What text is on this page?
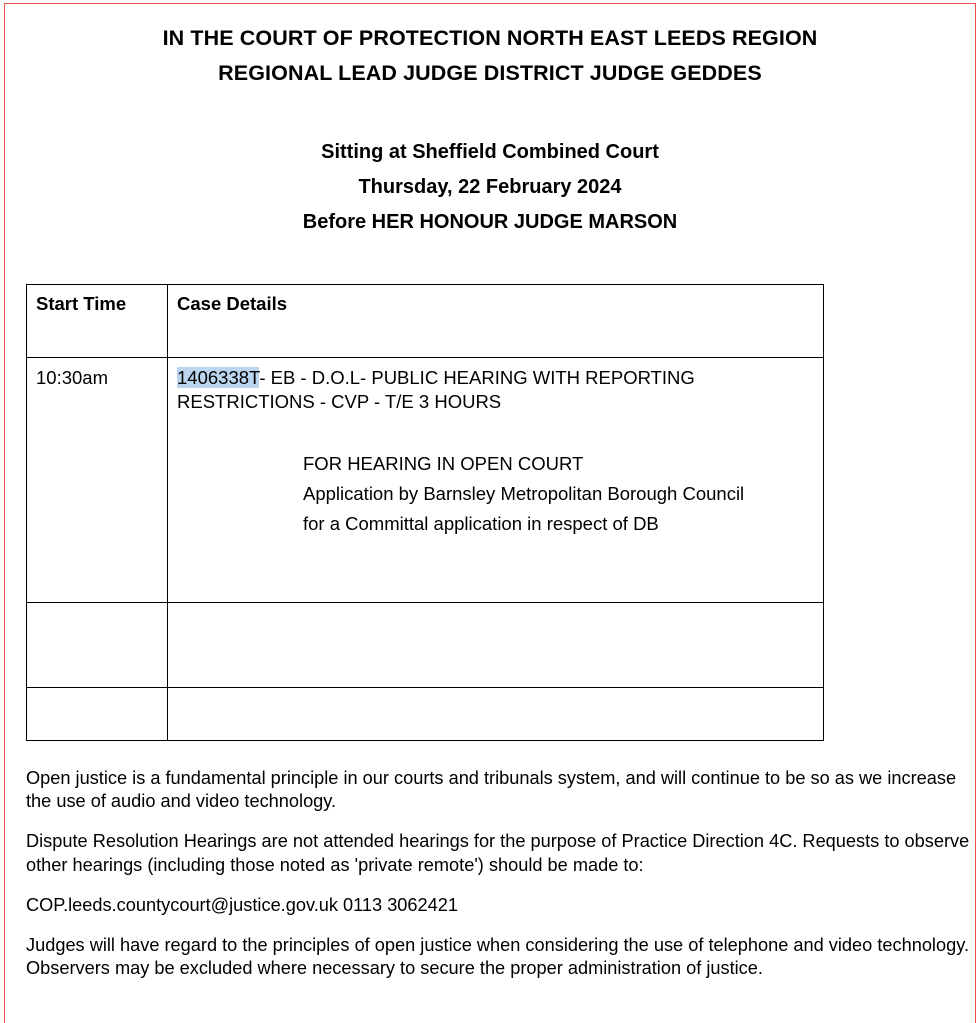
IN THE COURT OF PROTECTION NORTH EAST LEEDS REGION
REGIONAL LEAD JUDGE DISTRICT JUDGE GEDDES
Sitting at Sheffield Combined Court
Thursday, 22 February 2024
Before HER HONOUR JUDGE MARSON
Start Time	Case Details
10:30am	1406338T- EB - D.O.L- PUBLIC HEARING WITH REPORTING
RESTRICTIONS - CVP - T/E 3 HOURS
FOR HEARING IN OPEN COURT
Application by Barnsley Metropolitan Borough Council
for a Committal application in respect of DB

Open justice is a fundamental principle in our courts and tribunals system, and will continue to be so as we increase the use of audio and video technology.

Dispute Resolution Hearings are not attended hearings for the purpose of Practice Direction 4C. Requests to observe other hearings (including those noted as 'private remote') should be made to:

COP.leeds.countycourt@justice.gov.uk 0113 3062421

Judges will have regard to the principles of open justice when considering the use of telephone and video technology. Observers may be excluded where necessary to secure the proper administration of justice.
